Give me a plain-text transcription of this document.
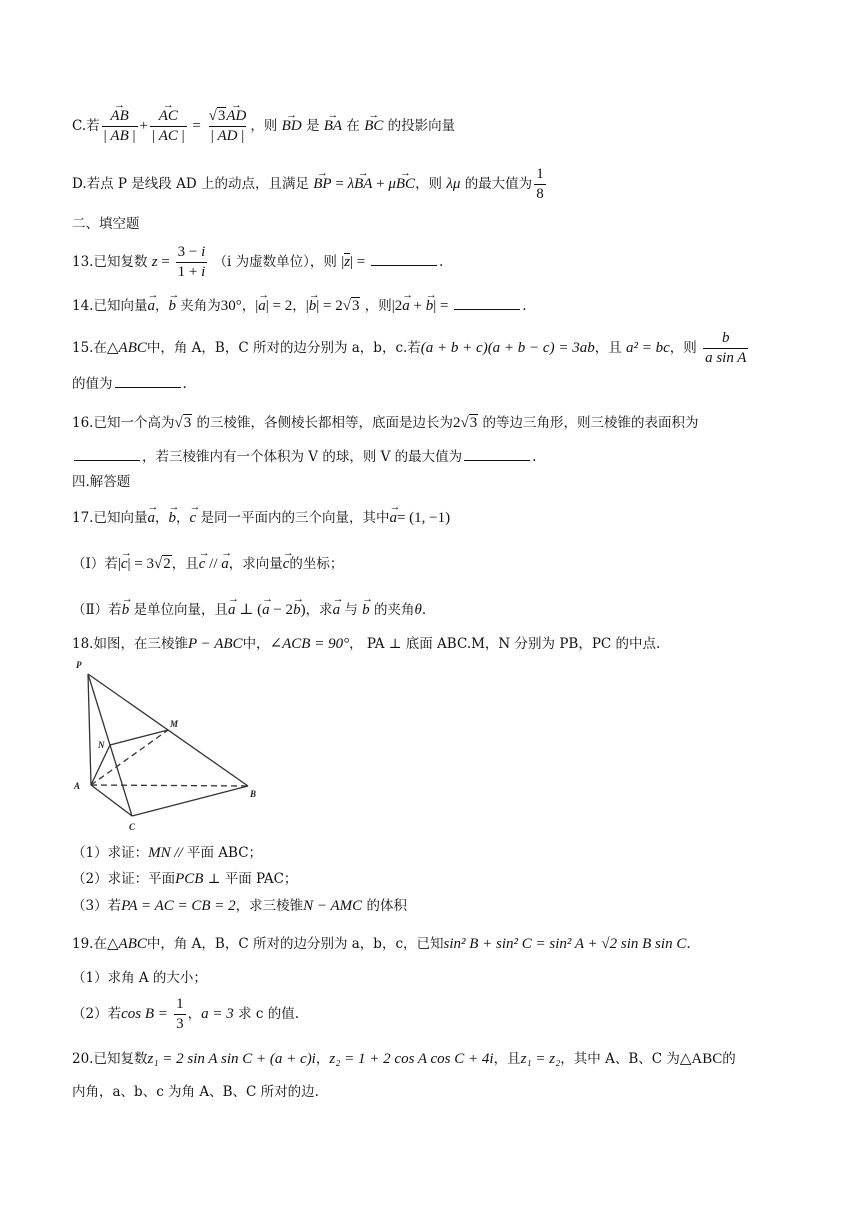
C.若 → $\frac{AB}{| AB |}$ + → $\frac{AC}{| AC |} = \frac{√3\to AD}{| AD |}$ ，则 → BD 是 → BA 在 → BC 的投影向量
D.若点 P 是线段 AD 上的动点，且满足 → BP = λ→ BA + μ→ BC，则 λμ 的最大值为 $\frac{1}{8}$
二、填空题
13.已知复数 $z = \frac{3 - i}{1 + i} (i$ 为虚数单位），则 |z| =	.
14.已知向量→ a，→ b 夹角为30°，|→ a| = 2，|→ b| = 2√3 ，则|2→ a + → b| =	.
15.在△ABC中，角 A，B，C 所对的边分别为 a，b，c.若(a + b + c)(a + b − c) = 3ab，且 a² = bc，则 $\frac{b}{\text{a sin A}}$
的值为	.
16.已知一个高为√3 的三棱锥，各侧棱长都相等，底面是边长为2√3 的等边三角形，则三棱锥的表面积为
，若三棱锥内有一个体积为 V 的球，则 V 的最大值为	.
四.解答题
17.已知向量→ a，→ b，→ c 是同一平面内的三个向量，其中→ a= (1, −1)
（Ⅰ）若|→ c| = 3√2，且→ c // → a，求向量→ c的坐标；
（Ⅱ）若→ b 是单位向量，且→ a ⊥ (→ a − 2→ b)，求→ a 与 → b 的夹角θ.
18.如图，在三棱锥P − ABC中，∠ACB = 90°， PA ⊥ 底面 ABC.M，N 分别为 PB，PC 的中点.
P
A
B
C
M
N
（1）求证：MN // 平面 ABC；
（2）求证：平面PCB ⊥ 平面 PAC；
（3）若PA = AC = CB = 2，求三棱锥N − AMC 的体积
19.在△ABC中，角 A，B，C 所对的边分别为 a，b，c，已知sin² B + sin² C = sin² A + √2 sin B sin C.
（1）求角 A 的大小；
（2）若$\cos B = \frac{1}{3}$ ，a = 3 求 c 的值.
20.已知复数z₁ = 2 sin A sin C + (a + c)i，z₂ = 1 + 2 cos A cos C + 4i，且z₁ = z₂，其中 A、B、C 为△ABC的
内角，a、b、c 为角 A、B、C 所对的边.
